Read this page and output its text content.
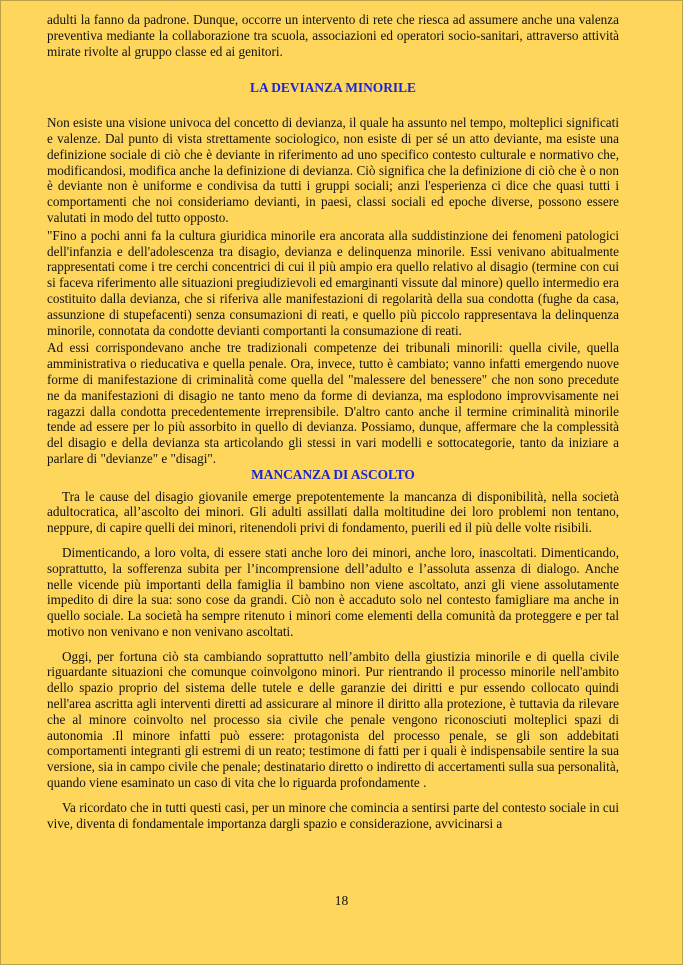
adulti la fanno da padrone. Dunque, occorre un intervento di rete che riesca ad assumere anche una valenza preventiva mediante la collaborazione tra scuola, associazioni ed operatori socio-sanitari, attraverso attività mirate rivolte al gruppo classe ed ai genitori.

LA DEVIANZA MINORILE

Non esiste una visione univoca del concetto di devianza, il quale ha assunto nel tempo, molteplici significati e valenze. Dal punto di vista strettamente sociologico, non esiste di per sé un atto deviante, ma esiste una definizione sociale di ciò che è deviante in riferimento ad uno specifico contesto culturale e normativo che, modificandosi, modifica anche la definizione di devianza. Ciò significa che la definizione di ciò che è o non è deviante non è uniforme e condivisa da tutti i gruppi sociali; anzi l'esperienza ci dice che quasi tutti i comportamenti che noi consideriamo devianti, in paesi, classi sociali ed epoche diverse, possono essere valutati in modo del tutto opposto.

"Fino a pochi anni fa la cultura giuridica minorile era ancorata alla suddistinzione dei fenomeni patologici dell'infanzia e dell'adolescenza tra disagio, devianza e delinquenza minorile. Essi venivano abitualmente rappresentati come i tre cerchi concentrici di cui il più ampio era quello relativo al disagio (termine con cui si faceva riferimento alle situazioni pregiudizievoli ed emarginanti vissute dal minore) quello intermedio era costituito dalla devianza, che si riferiva alle manifestazioni di regolarità della sua condotta (fughe da casa, assunzione di stupefacenti) senza consumazioni di reati, e quello più piccolo rappresentava la delinquenza minorile, connotata da condotte devianti comportanti la consumazione di reati.

Ad essi corrispondevano anche tre tradizionali competenze dei tribunali minorili: quella civile, quella amministrativa o rieducativa e quella penale. Ora, invece, tutto è cambiato; vanno infatti emergendo nuove forme di manifestazione di criminalità come quella del "malessere del benessere" che non sono precedute ne da manifestazioni di disagio ne tanto meno da forme di devianza, ma esplodono improvvisamente nei ragazzi dalla condotta precedentemente irreprensibile. D'altro canto anche il termine criminalità minorile tende ad essere per lo più assorbito in quello di devianza. Possiamo, dunque, affermare che la complessità del disagio e della devianza sta articolando gli stessi in vari modelli e sottocategorie, tanto da iniziare a parlare di "devianze" e "disagi".

MANCANZA DI ASCOLTO

Tra le cause del disagio giovanile emerge prepotentemente la mancanza di disponibilità, nella società adultocratica, all’ascolto dei minori. Gli adulti assillati dalla moltitudine dei loro problemi non tentano, neppure, di capire quelli dei minori, ritenendoli privi di fondamento, puerili ed il più delle volte risibili.

Dimenticando, a loro volta, di essere stati anche loro dei minori, anche loro, inascoltati. Dimenticando, soprattutto, la sofferenza subita per l’incomprensione dell’adulto e l’assoluta assenza di dialogo. Anche nelle vicende più importanti della famiglia il bambino non viene ascoltato, anzi gli viene assolutamente impedito di dire la sua: sono cose da grandi. Ciò non è accaduto solo nel contesto famigliare ma anche in quello sociale. La società ha sempre ritenuto i minori come elementi della comunità da proteggere e per tal motivo non venivano e non venivano ascoltati.

Oggi, per fortuna ciò sta cambiando soprattutto nell’ambito della giustizia minorile e di quella civile riguardante situazioni che comunque coinvolgono minori. Pur rientrando il processo minorile nell'ambito dello spazio proprio del sistema delle tutele e delle garanzie dei diritti e pur essendo collocato quindi nell'area ascritta agli interventi diretti ad assicurare al minore il diritto alla protezione, è tuttavia da rilevare che al minore coinvolto nel processo sia civile che penale vengono riconosciuti molteplici spazi di autonomia .Il minore infatti può essere: protagonista del processo penale, se gli son addebitati comportamenti integranti gli estremi di un reato; testimone di fatti per i quali è indispensabile sentire la sua versione, sia in campo civile che penale; destinatario diretto o indiretto di accertamenti sulla sua personalità, quando viene esaminato un caso di vita che lo riguarda profondamente .

Va ricordato che in tutti questi casi, per un minore che comincia a sentirsi parte del contesto sociale in cui vive, diventa di fondamentale importanza dargli spazio e considerazione, avvicinarsi a

18
